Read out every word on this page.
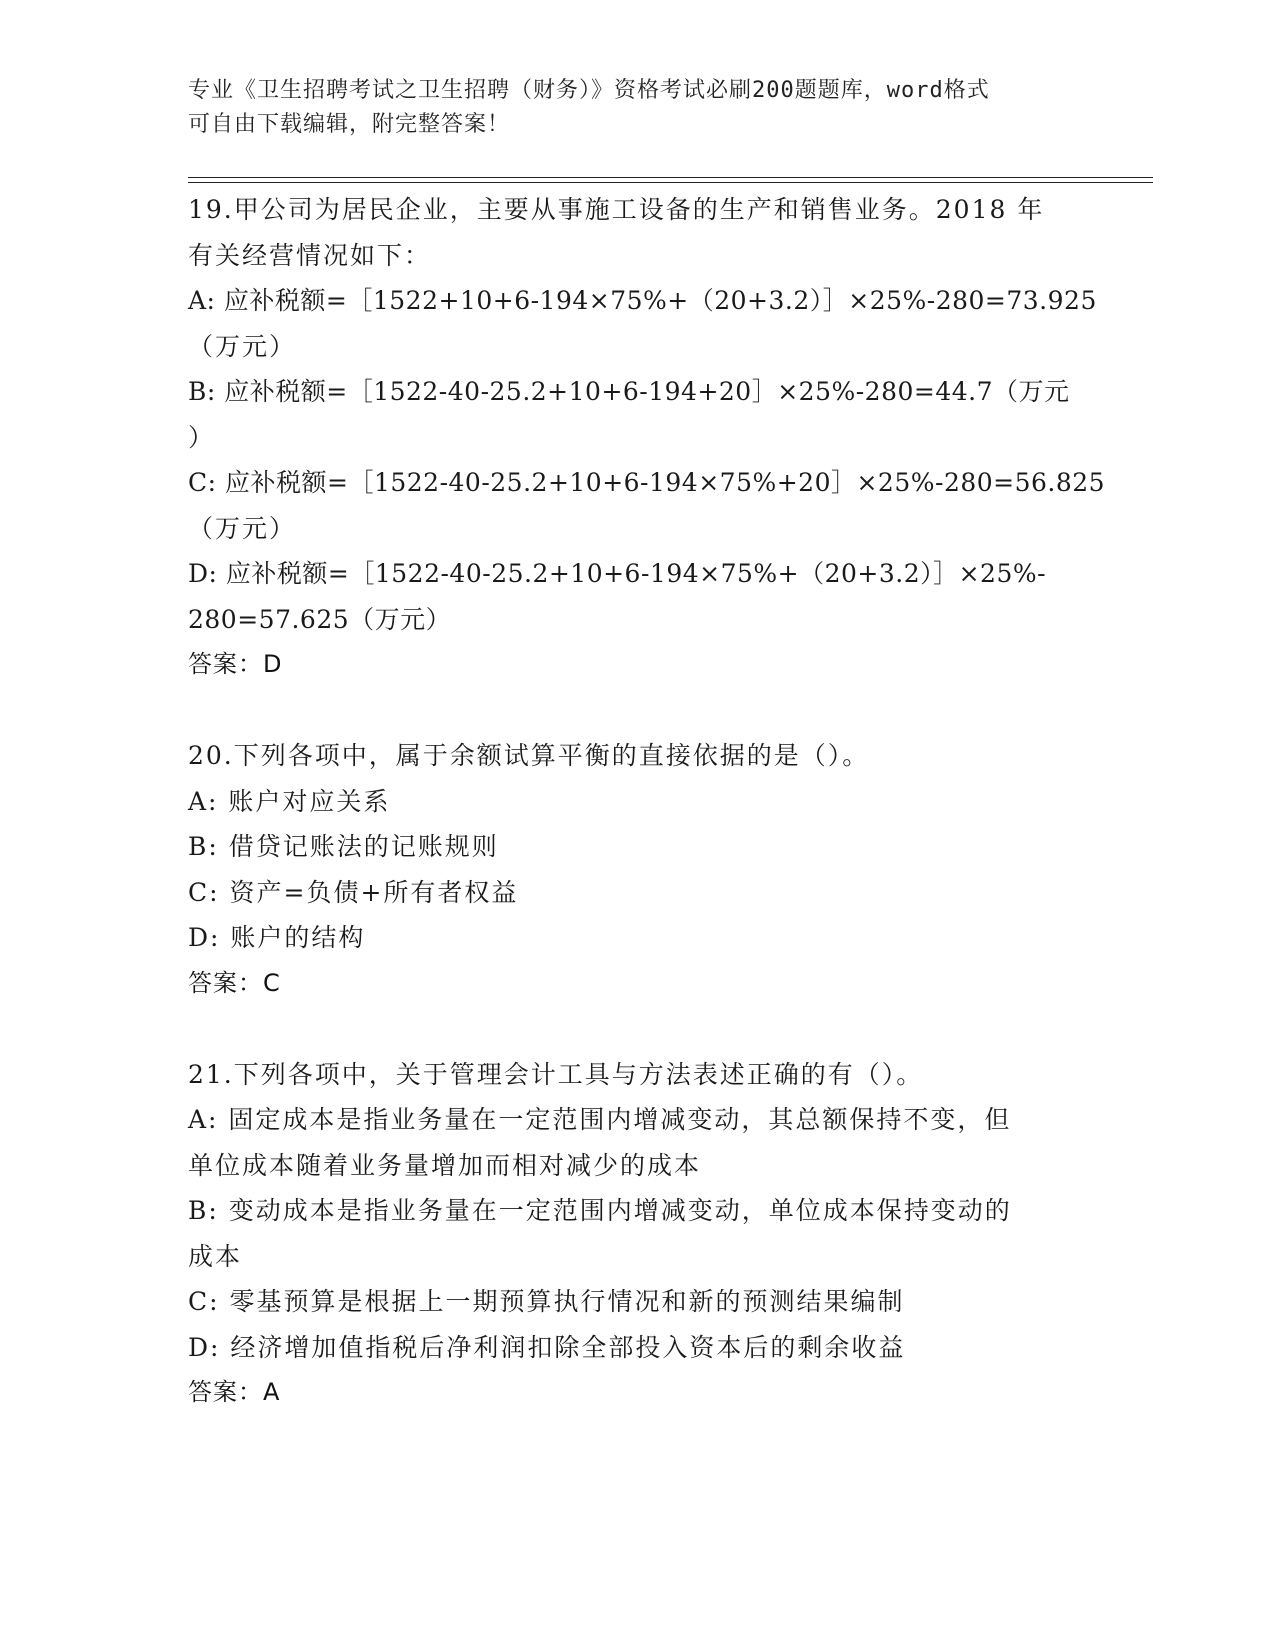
专业《卫生招聘考试之卫生招聘（财务）》资格考试必刷200题题库，word格式
可自由下载编辑，附完整答案！
19.甲公司为居民企业，主要从事施工设备的生产和销售业务。2018 年
有关经营情况如下：
A: 应补税额=［1522+10+6-194×75%+（20+3.2）］×25%-280=73.925
（万元）
B: 应补税额=［1522-40-25.2+10+6-194+20］×25%-280=44.7（万元
）
C: 应补税额=［1522-40-25.2+10+6-194×75%+20］×25%-280=56.825
（万元）
D: 应补税额=［1522-40-25.2+10+6-194×75%+（20+3.2）］×25%-
280=57.625（万元）
答案：D
20.下列各项中，属于余额试算平衡的直接依据的是（）。
A: 账户对应关系
B: 借贷记账法的记账规则
C: 资产=负债+所有者权益
D: 账户的结构
答案：C
21.下列各项中，关于管理会计工具与方法表述正确的有（）。
A: 固定成本是指业务量在一定范围内增减变动，其总额保持不变，但
单位成本随着业务量增加而相对减少的成本
B: 变动成本是指业务量在一定范围内增减变动，单位成本保持变动的
成本
C: 零基预算是根据上一期预算执行情况和新的预测结果编制
D: 经济增加值指税后净利润扣除全部投入资本后的剩余收益
答案：A
